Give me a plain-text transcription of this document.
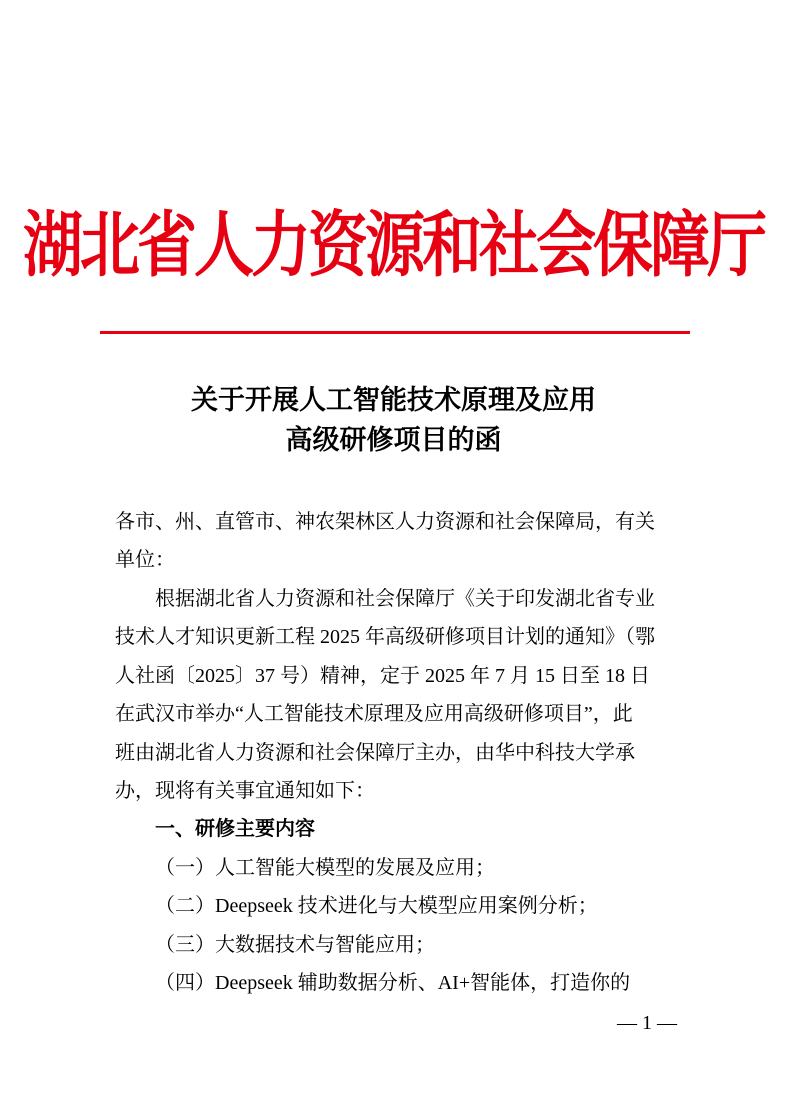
湖北省人力资源和社会保障厅
关于开展人工智能技术原理及应用
高级研修项目的函
各市、州、直管市、神农架林区人力资源和社会保障局，有关
单位：
根据湖北省人力资源和社会保障厅《关于印发湖北省专业
技术人才知识更新工程 2025 年高级研修项目计划的通知》（鄂
人社函〔2025〕37 号）精神，定于 2025 年 7 月 15 日至 18 日
在武汉市举办“人工智能技术原理及应用高级研修项目”，此
班由湖北省人力资源和社会保障厅主办，由华中科技大学承
办，现将有关事宜通知如下：
一、研修主要内容
（一）人工智能大模型的发展及应用；
（二）Deepseek 技术进化与大模型应用案例分析；
（三）大数据技术与智能应用；
（四）Deepseek 辅助数据分析、AI+智能体，打造你的
— 1 —
